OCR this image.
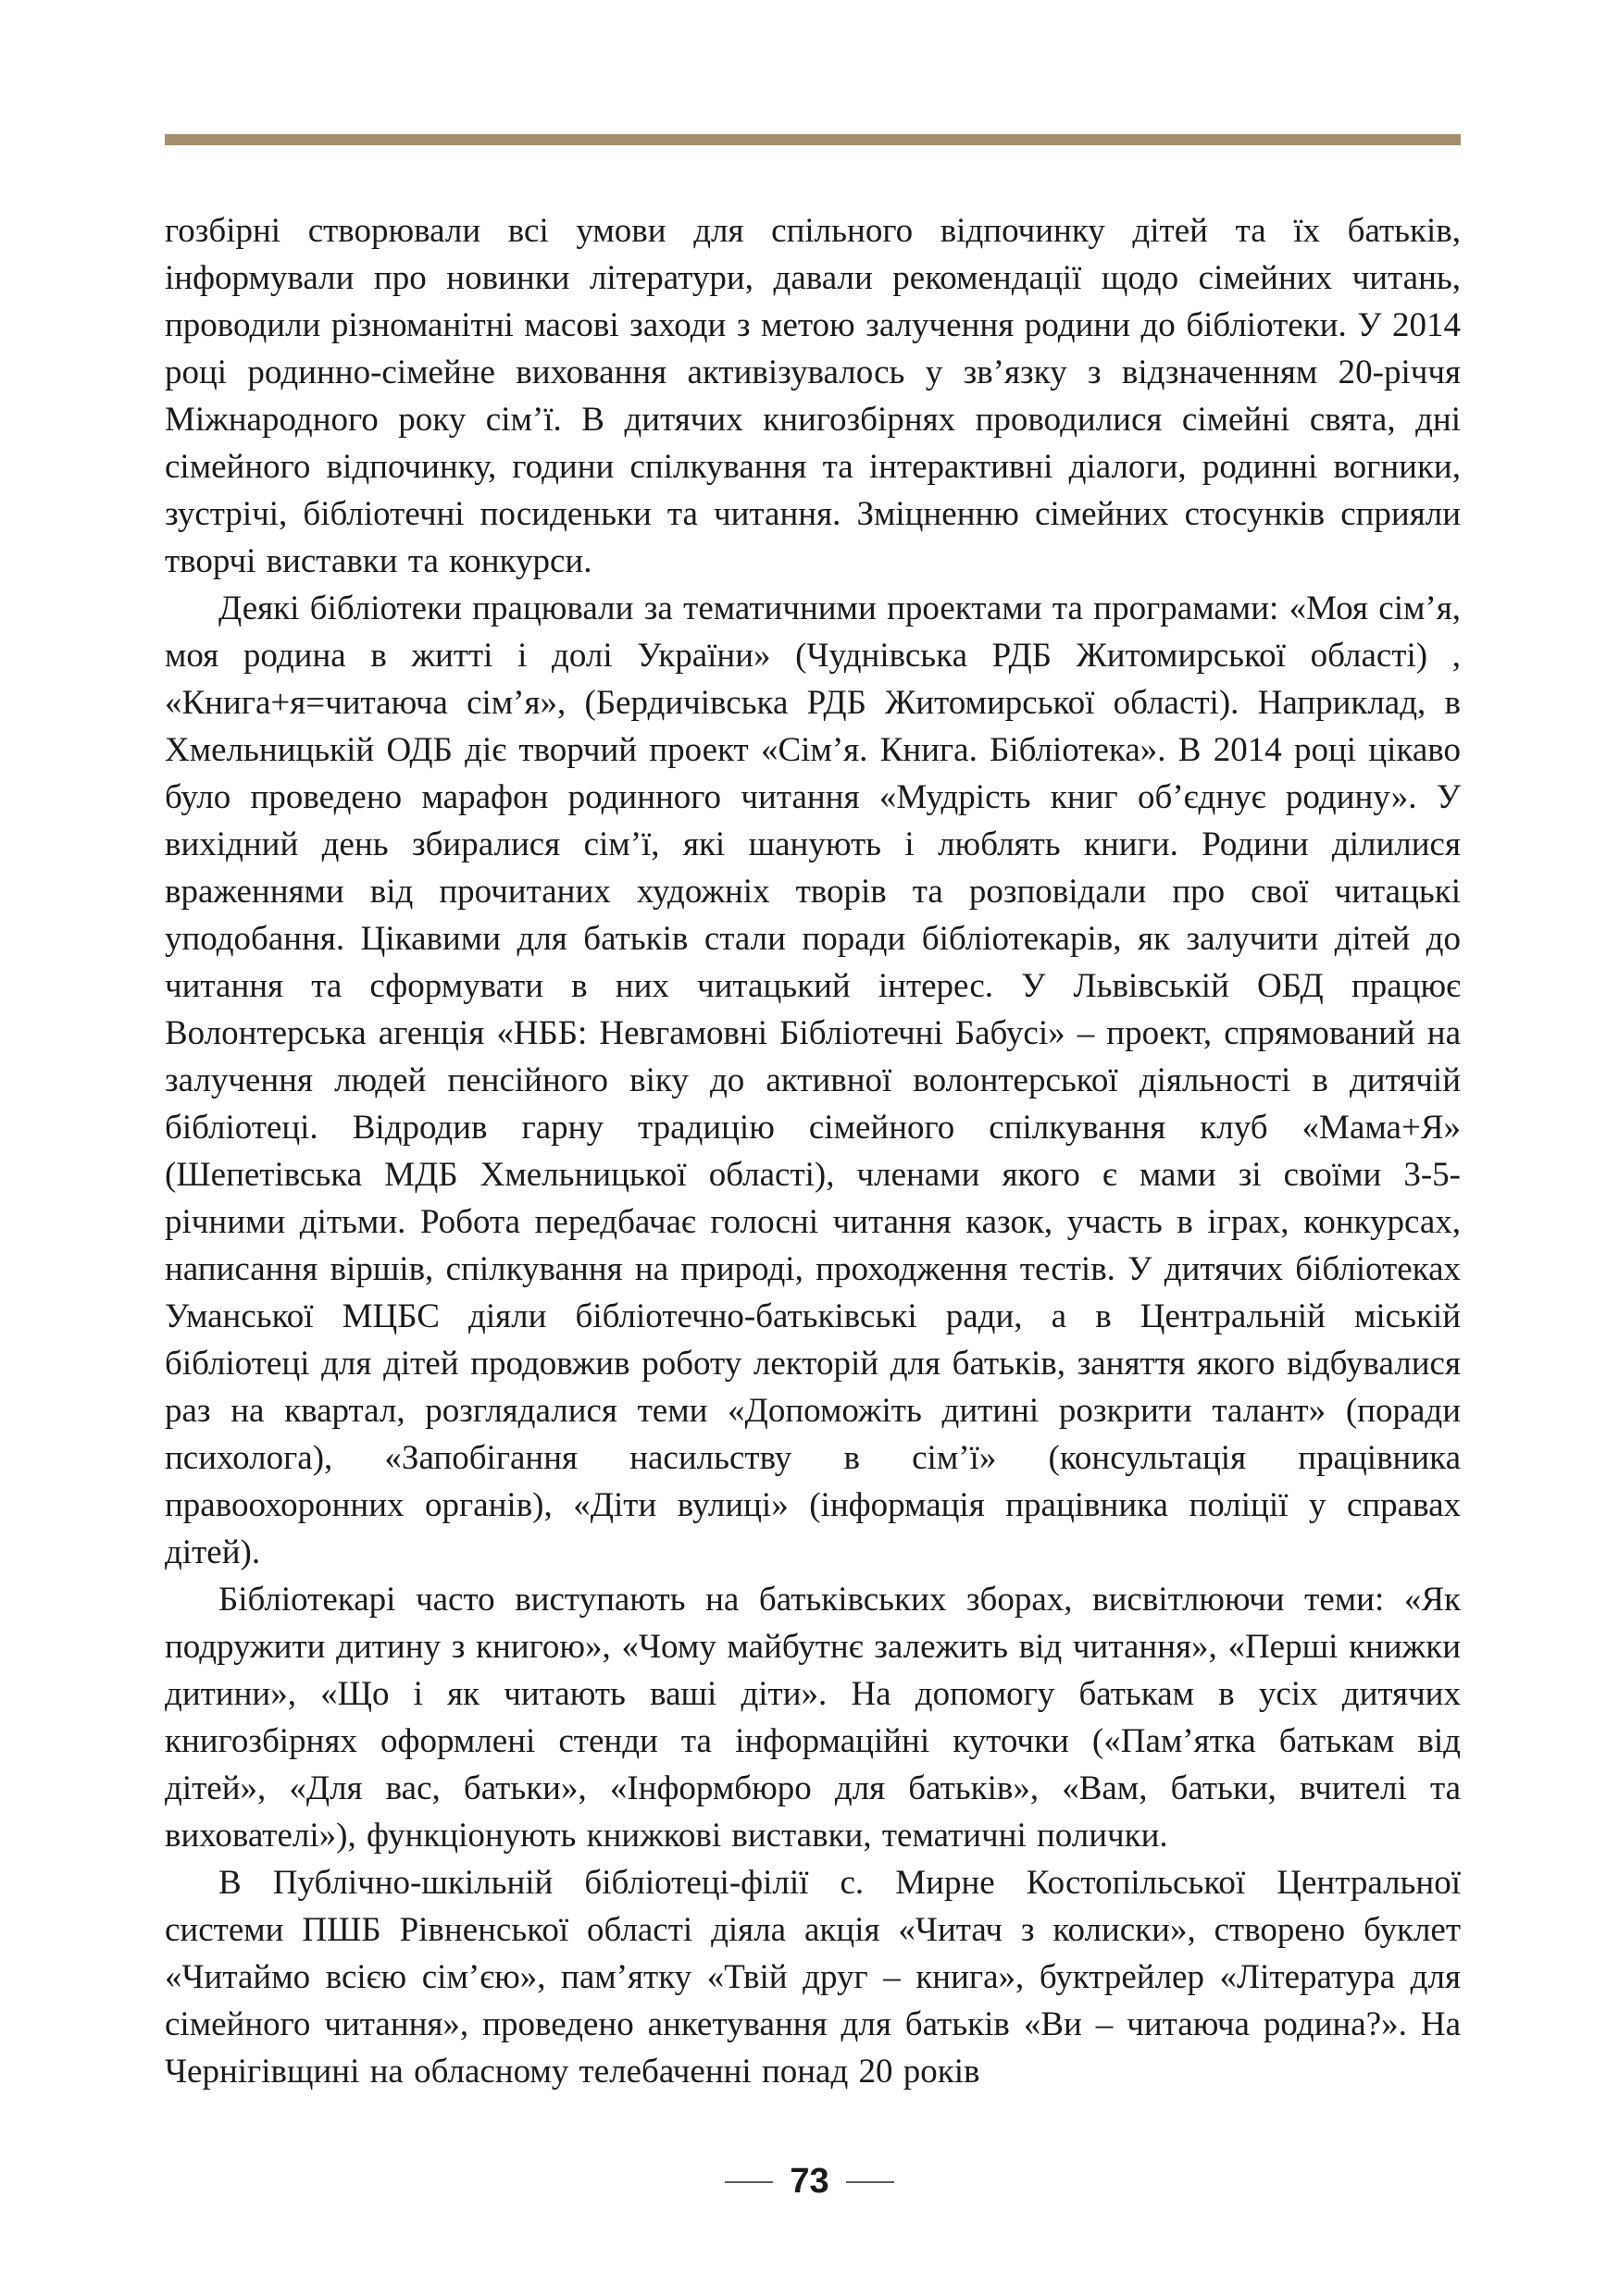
гозбірні створювали всі умови для спільного відпочинку дітей та їх батьків, інформували про новинки літератури, давали рекомендації щодо сімейних читань, проводили різноманітні масові заходи з метою залучення родини до бібліотеки. У 2014 році родинно-сімейне виховання активізувалось у зв’язку з відзначенням 20-річчя Міжнародного року сім’ї. В дитячих книгозбірнях проводилися сімейні свята, дні сімейного відпочинку, години спілкування та інтерактивні діалоги, родинні вогники, зустрічі, бібліотечні посиденьки та читання. Зміцненню сімейних стосунків сприяли творчі виставки та конкурси.

Деякі бібліотеки працювали за тематичними проектами та програмами: «Моя сім’я, моя родина в житті і долі України» (Чуднівська РДБ Житомирської області) , «Книга+я=читаюча сім’я», (Бердичівська РДБ Житомирської області). Наприклад, в Хмельницькій ОДБ діє творчий проект «Сім’я. Книга. Бібліотека». В 2014 році цікаво було проведено марафон родинного читання «Мудрість книг об’єднує родину». У вихідний день збиралися сім’ї, які шанують і люблять книги. Родини ділилися враженнями від прочитаних художніх творів та розповідали про свої читацькі уподобання. Цікавими для батьків стали поради бібліотекарів, як залучити дітей до читання та сформувати в них читацький інтерес. У Львівській ОБД працює Волонтерська агенція «НББ: Невгамовні Бібліотечні Бабусі» – проект, спрямований на залучення людей пенсійного віку до активної волонтерської діяльності в дитячій бібліотеці. Відродив гарну традицію сімейного спілкування клуб «Мама+Я» (Шепетівська МДБ Хмельницької області), членами якого є мами зі своїми 3-5-річними дітьми. Робота передбачає голосні читання казок, участь в іграх, конкурсах, написання віршів, спілкування на природі, проходження тестів. У дитячих бібліотеках Уманської МЦБС діяли бібліотечно-батьківські ради, а в Центральній міській бібліотеці для дітей продовжив роботу лекторій для батьків, заняття якого відбувалися раз на квартал, розглядалися теми «Допоможіть дитині розкрити талант» (поради психолога), «Запобігання насильству в сім’ї» (консультація працівника правоохоронних органів), «Діти вулиці» (інформація працівника поліції у справах дітей).

Бібліотекарі часто виступають на батьківських зборах, висвітлюючи теми: «Як подружити дитину з книгою», «Чому майбутнє залежить від читання», «Перші книжки дитини», «Що і як читають ваші діти». На допомогу батькам в усіх дитячих книгозбірнях оформлені стенди та інформаційні куточки («Пам’ятка батькам від дітей», «Для вас, батьки», «Інформбюро для батьків», «Вам, батьки, вчителі та вихователі»), функціонують книжкові виставки, тематичні полички.

В Публічно-шкільній бібліотеці-філії с. Мирне Костопільської Центральної системи ПШБ Рівненської області діяла акція «Читач з колиски», створено буклет «Читаймо всією сім’єю», пам’ятку «Твій друг – книга», буктрейлер «Література для сімейного читання», проведено анкетування для батьків «Ви – читаюча родина?». На Чернігівщині на обласному телебаченні понад 20 років

73
